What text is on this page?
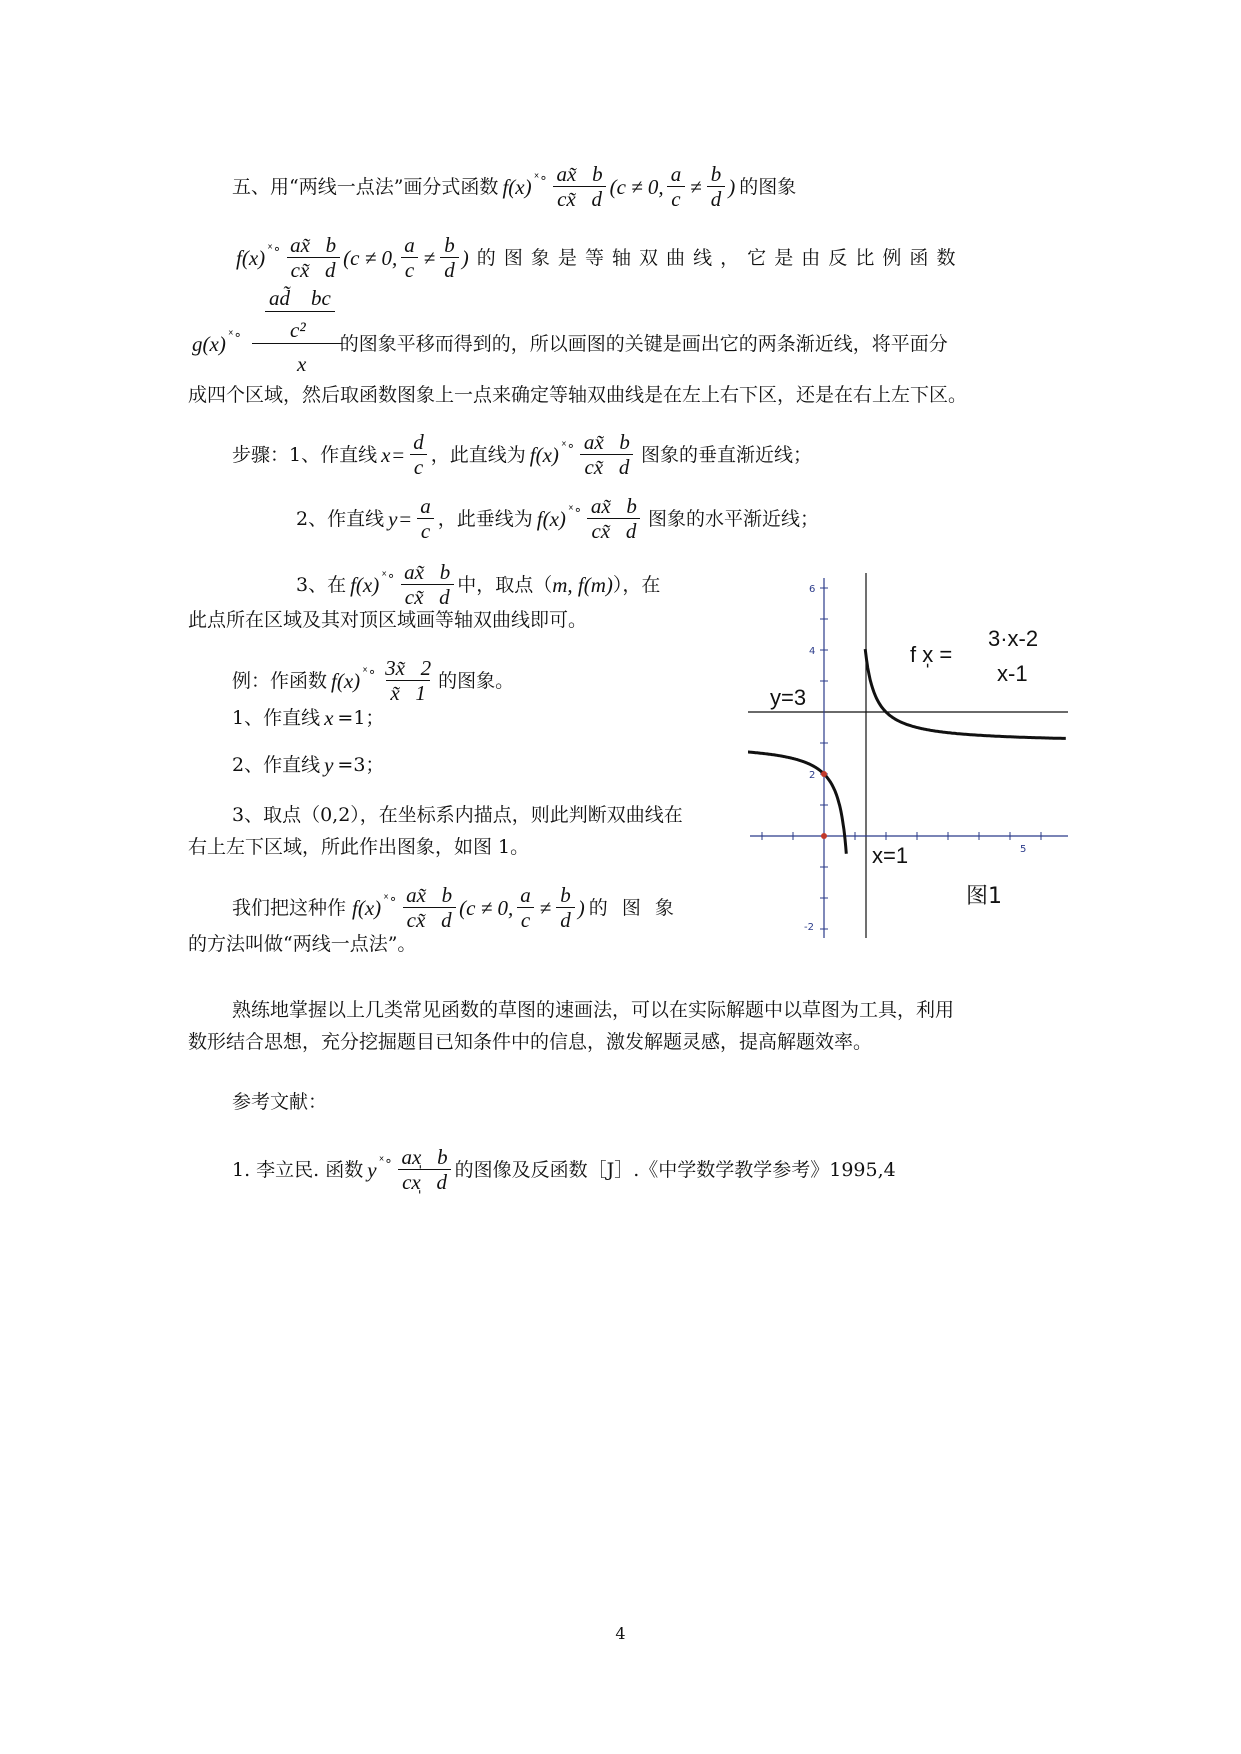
五、用“两线一点法”画分式函数 f(x) ˣ∘ $\frac{ax̃ b}{cx̃ d} (c \ne 0$, $\frac{a}{c} \ne \frac{b}{d}$ ) 的图象
f(x) ˣ∘ $\frac{ax̃ b}{cx̃ d} (c \ne 0$, $\frac{a}{c} \ne \frac{b}{d}$ ) 的 图 象 是 等 轴 双 曲 线 ， 它 是 由 反 比 例 函 数
ad̃    bc
c²
x
g(x) ˣ∘	的图象平移而得到的，所以画图的关键是画出它的两条渐近线，将平面分
成四个区域，然后取函数图象上一点来确定等轴双曲线是在左上右下区，还是在右上左下区。
步骤：1、作直线 $x = \frac{d}{c}$ ，此直线为 f(x) ˣ∘ $\frac{ax̃ b}{cx̃ d}$ 图象的垂直渐近线；
2、作直线 $y = \frac{a}{c}$ ，此垂线为 f(x) ˣ∘ $\frac{ax̃ b}{cx̃ d}$ 图象的水平渐近线；
3、在 f(x) ˣ∘ $\frac{ax̃ b}{cx̃ d}$ 中，取点（ m, f(m) ），在
此点所在区域及其对顶区域画等轴双曲线即可。
例：作函数 f(x) ˣ∘ $\frac{3x̃ 2}{x̃ 1}$ 的图象。
1、作直线 x =1；
2、作直线 y =3；
3、取点（0,2），在坐标系内描点，则此判断双曲线在
右上左下区域，所此作出图象，如图 1。
我们把这种作 f(x) ˣ∘ $\frac{ax̃ b}{cx̃ d} (c \ne 0$, $\frac{a}{c} \ne \frac{b}{d}$ ) 的 图 象
的方法叫做“两线一点法”。
熟练地掌握以上几类常见函数的草图的速画法，可以在实际解题中以草图为工具，利用
数形结合思想，充分挖掘题目已知条件中的信息，激发解题灵感，提高解题效率。
参考文献：
1. 李立民. 函数 y ˣ∘ $\frac{ax̩ b}{cx̩ d}$ 的图像及反函数［J］.《中学数学教学参考》1995,4
6
4
2
-2
5
y=3
x=1
f x̩ =
3·x-2
x-1
图1
4
